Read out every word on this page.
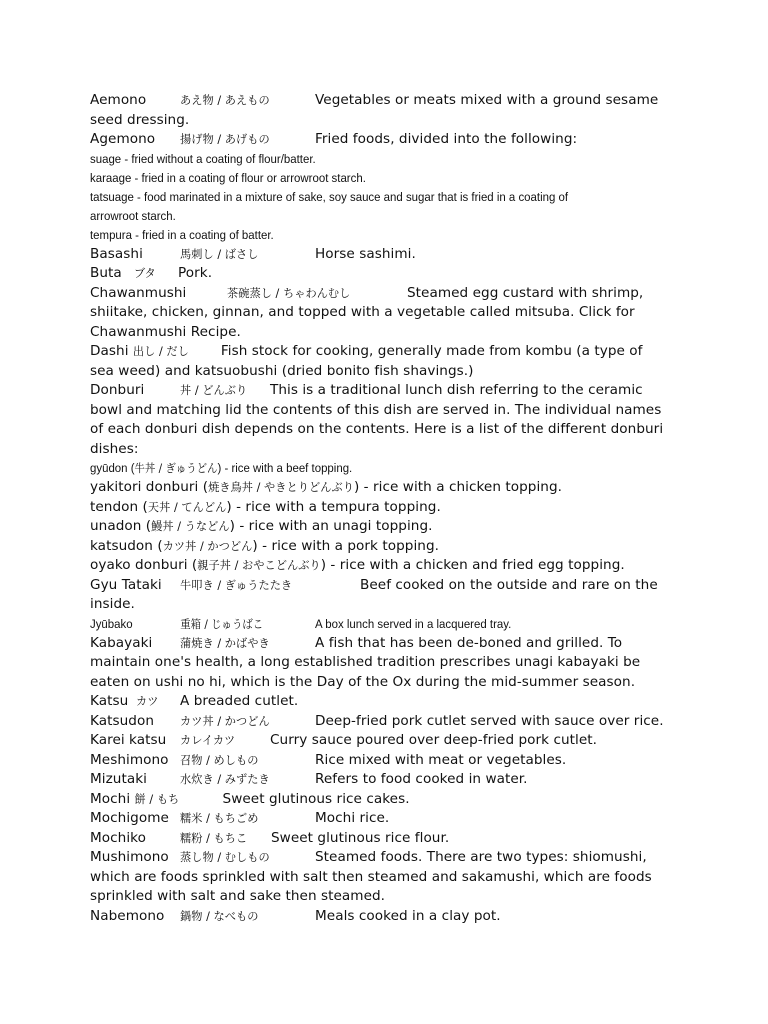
Aemono	あえ物 / あえもの	Vegetables or meats mixed with a ground sesame
seed dressing.
Agemono 揚げ物 / あげもの	Fried foods, divided into the following:
suage - fried without a coating of flour/batter.
karaage - fried in a coating of flour or arrowroot starch.
tatsuage - food marinated in a mixture of sake, soy sauce and sugar that is fried in a coating of
arrowroot starch.
tempura - fried in a coating of batter.
Basashi	馬刺し / ばさし	Horse sashimi.
Buta ブタ Pork.
Chawanmushi	茶碗蒸し / ちゃわんむし	Steamed egg custard with shrimp,
shiitake, chicken, ginnan, and topped with a vegetable called mitsuba. Click for
Chawanmushi Recipe.
Dashi 出し / だし Fish stock for cooking, generally made from kombu (a type of
sea weed) and katsuobushi (dried bonito fish shavings.)
Donburi	丼 / どんぶり This is a traditional lunch dish referring to the ceramic
bowl and matching lid the contents of this dish are served in. The individual names
of each donburi dish depends on the contents. Here is a list of the different donburi
dishes:
gyūdon (牛丼 / ぎゅうどん) - rice with a beef topping.
yakitori donburi (焼き鳥丼 / やきとりどんぶり) - rice with a chicken topping.
tendon (天丼 / てんどん) - rice with a tempura topping.
unadon (鰻丼 / うなどん) - rice with an unagi topping.
katsudon (カツ丼 / かつどん) - rice with a pork topping.
oyako donburi (親子丼 / おやこどんぶり) - rice with a chicken and fried egg topping.
Gyu Tataki 牛叩き / ぎゅうたたき	Beef cooked on the outside and rare on the
inside.
Jyūbako	重箱 / じゅうばこ	A box lunch served in a lacquered tray.
Kabayaki 蒲焼き / かばやき	A fish that has been de-boned and grilled. To
maintain one's health, a long established tradition prescribes unagi kabayaki be
eaten on ushi no hi, which is the Day of the Ox during the mid-summer season.
Katsu カツ A breaded cutlet.
Katsudon カツ丼 / かつどん	Deep-fried pork cutlet served with sauce over rice.
Karei katsu カレイカツ	Curry sauce poured over deep-fried pork cutlet.
Meshimono 召物 / めしもの	Rice mixed with meat or vegetables.
Mizutaki	水炊き / みずたき	Refers to food cooked in water.
Mochi 餅 / もち	Sweet glutinous rice cakes.
Mochigome 糯米 / もちごめ	Mochi rice.
Mochiko	糯粉 / もちこ Sweet glutinous rice flour.
Mushimono 蒸し物 / むしもの	Steamed foods. There are two types: shiomushi,
which are foods sprinkled with salt then steamed and sakamushi, which are foods
sprinkled with salt and sake then steamed.
Nabemono 鍋物 / なべもの	Meals cooked in a clay pot.
